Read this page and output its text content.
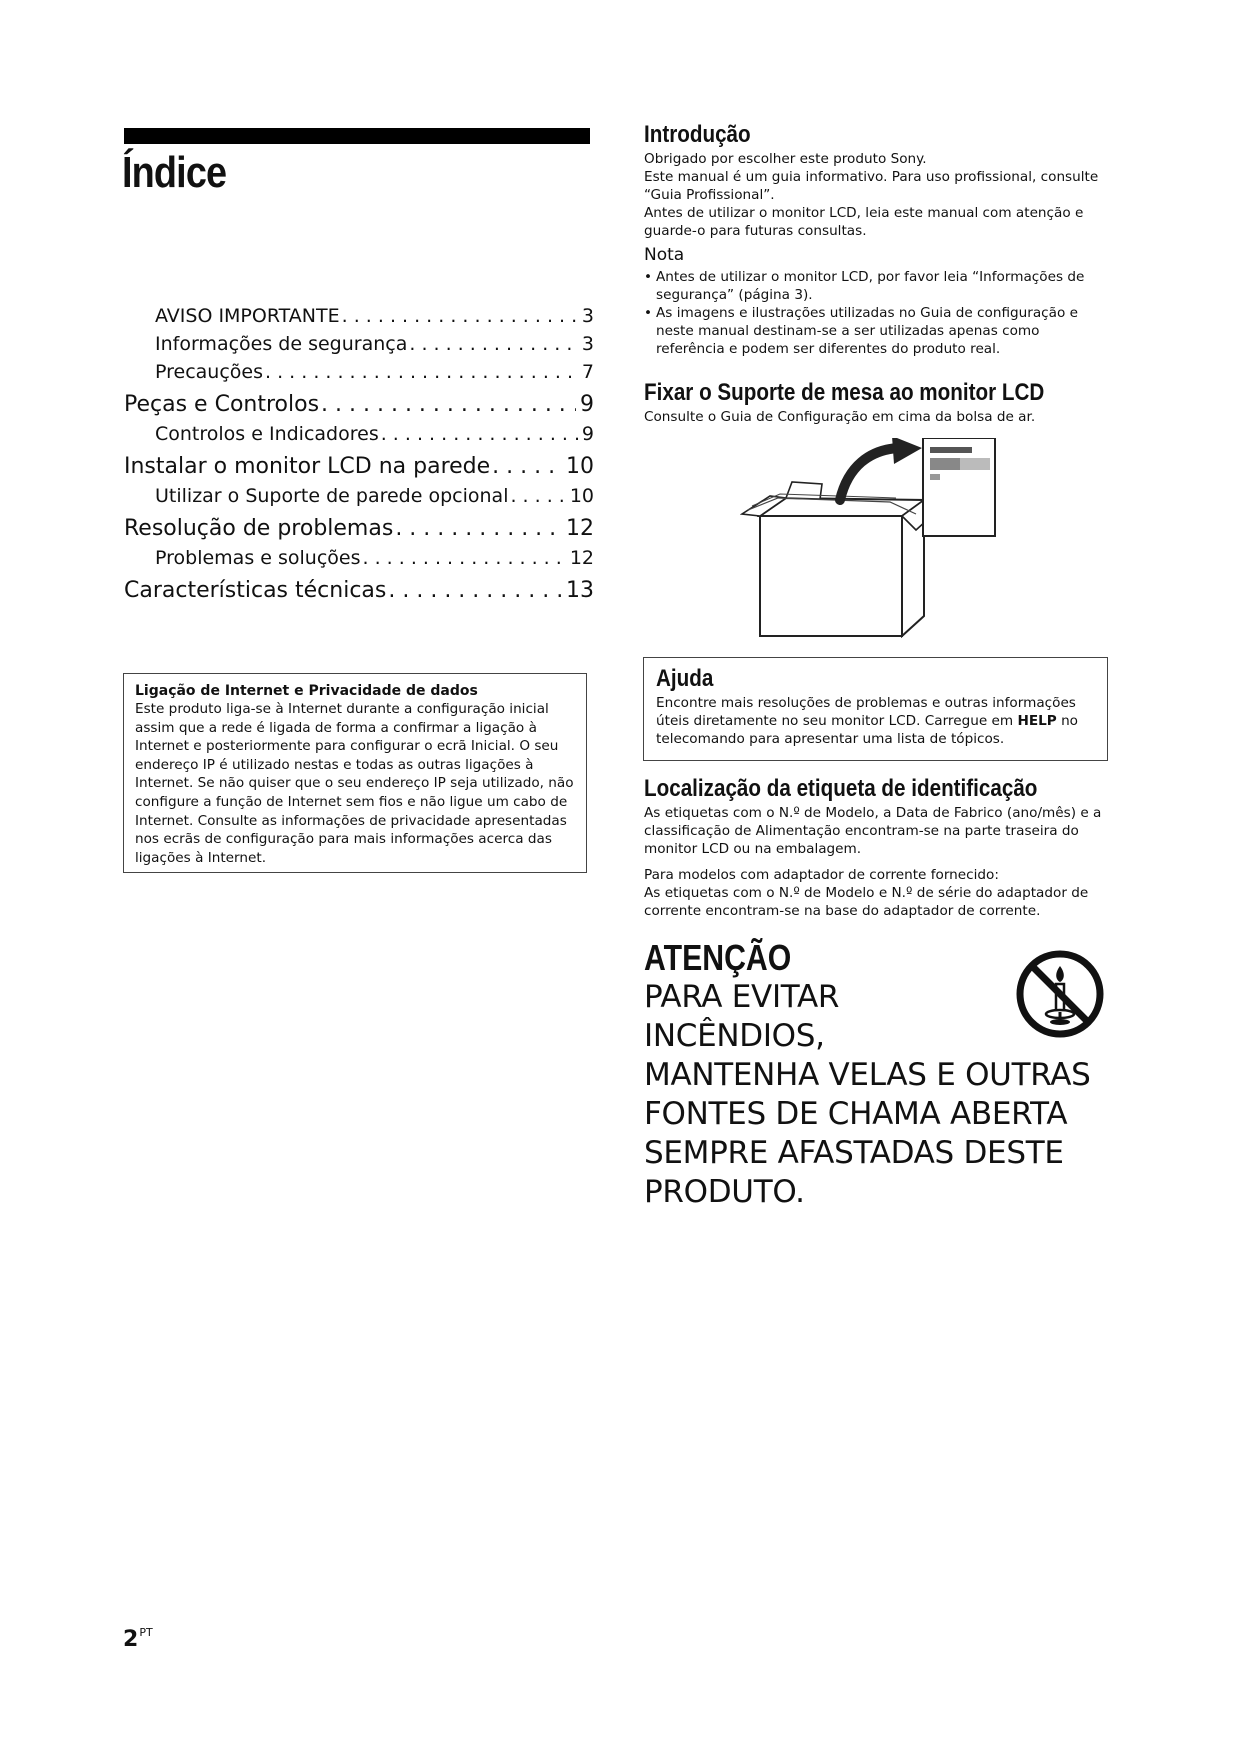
Índice
AVISO IMPORTANTE . . .	3
Informações de segurança . . .	3
Precauções . . .	7
Peças e Controlos . . .	9
Controlos e Indicadores . . .	9
Instalar o monitor LCD na parede . . .	10
Utilizar o Suporte de parede opcional . . .	10
Resolução de problemas . . .	12
Problemas e soluções . . .	12
Características técnicas . . .	13
Ligação de Internet e Privacidade de dados

Este produto liga-se à Internet durante a configuração inicial assim que a rede é ligada de forma a confirmar a ligação à Internet e posteriormente para configurar o ecrã Inicial. O seu endereço IP é utilizado nestas e todas as outras ligações à Internet. Se não quiser que o seu endereço IP seja utilizado, não configure a função de Internet sem fios e não ligue um cabo de Internet. Consulte as informações de privacidade apresentadas nos ecrãs de configuração para mais informações acerca das ligações à Internet.

Introdução

Obrigado por escolher este produto Sony.

Este manual é um guia informativo. Para uso profissional, consulte “Guia Profissional”.

Antes de utilizar o monitor LCD, leia este manual com atenção e guarde-o para futuras consultas.

Nota
• Antes de utilizar o monitor LCD, por favor leia “Informações de segurança” (página 3).
• As imagens e ilustrações utilizadas no Guia de configuração e neste manual destinam-se a ser utilizadas apenas como referência e podem ser diferentes do produto real.
Fixar o Suporte de mesa ao monitor LCD

Consulte o Guia de Configuração em cima da bolsa de ar.

Ajuda

Encontre mais resoluções de problemas e outras informações úteis diretamente no seu monitor LCD. Carregue em HELP no telecomando para apresentar uma lista de tópicos.

Localização da etiqueta de identificação

As etiquetas com o N.º de Modelo, a Data de Fabrico (ano/mês) e a classificação de Alimentação encontram-se na parte traseira do monitor LCD ou na embalagem.

Para modelos com adaptador de corrente fornecido:

As etiquetas com o N.º de Modelo e N.º de série do adaptador de corrente encontram-se na base do adaptador de corrente.

ATENÇÃO

PARA EVITAR

INCÊNDIOS,

MANTENHA VELAS E OUTRAS

FONTES DE CHAMA ABERTA

SEMPRE AFASTADAS DESTE

PRODUTO.

$2^{PT}$
